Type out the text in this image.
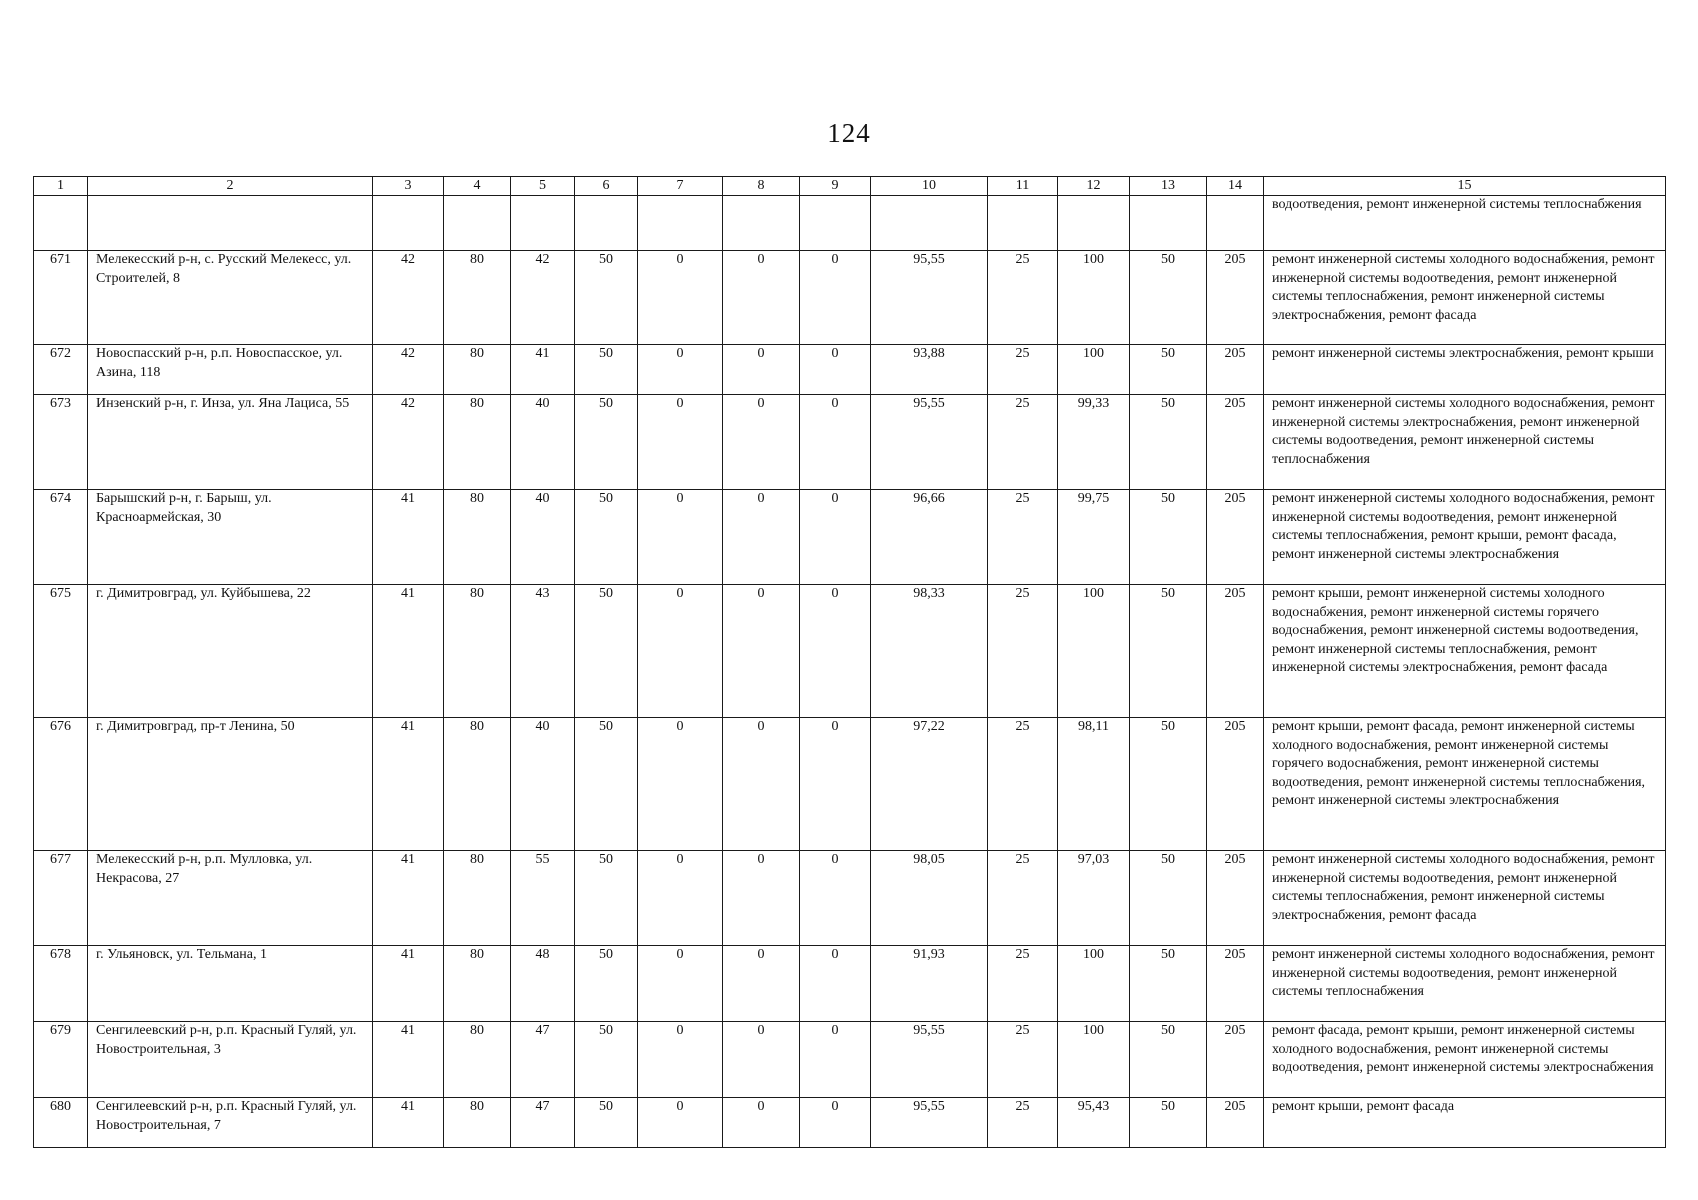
124
1	2	3	4	5	6	7	8	9	10	11	12	13	14	15
														водоотведения, ремонт инженерной системы теплоснабжения
671	Мелекесский р-н, с. Русский Мелекесс, ул. Строителей, 8	42	80	42	50	0	0	0	95,55	25	100	50	205	ремонт инженерной системы холодного водоснабжения, ремонт инженерной системы водоотведения, ремонт инженерной системы теплоснабжения, ремонт инженерной системы электроснабжения, ремонт фасада
672	Новоспасский р-н, р.п. Новоспасское, ул. Азина, 118	42	80	41	50	0	0	0	93,88	25	100	50	205	ремонт инженерной системы электроснабжения, ремонт крыши
673	Инзенский р-н, г. Инза, ул. Яна Лациса, 55	42	80	40	50	0	0	0	95,55	25	99,33	50	205	ремонт инженерной системы холодного водоснабжения, ремонт инженерной системы электроснабжения, ремонт инженерной системы водоотведения, ремонт инженерной системы теплоснабжения
674	Барышский р-н, г. Барыш, ул. Красноармейская, 30	41	80	40	50	0	0	0	96,66	25	99,75	50	205	ремонт инженерной системы холодного водоснабжения, ремонт инженерной системы водоотведения, ремонт инженерной системы теплоснабжения, ремонт крыши, ремонт фасада, ремонт инженерной системы электроснабжения
675	г. Димитровград, ул. Куйбышева, 22	41	80	43	50	0	0	0	98,33	25	100	50	205	ремонт крыши, ремонт инженерной системы холодного водоснабжения, ремонт инженерной системы горячего водоснабжения, ремонт инженерной системы водоотведения, ремонт инженерной системы теплоснабжения, ремонт инженерной системы электроснабжения, ремонт фасада
676	г. Димитровград, пр-т Ленина, 50	41	80	40	50	0	0	0	97,22	25	98,11	50	205	ремонт крыши, ремонт фасада, ремонт инженерной системы холодного водоснабжения, ремонт инженерной системы горячего водоснабжения, ремонт инженерной системы водоотведения, ремонт инженерной системы теплоснабжения, ремонт инженерной системы электроснабжения
677	Мелекесский р-н, р.п. Мулловка, ул. Некрасова, 27	41	80	55	50	0	0	0	98,05	25	97,03	50	205	ремонт инженерной системы холодного водоснабжения, ремонт инженерной системы водоотведения, ремонт инженерной системы теплоснабжения, ремонт инженерной системы электроснабжения, ремонт фасада
678	г. Ульяновск, ул. Тельмана, 1	41	80	48	50	0	0	0	91,93	25	100	50	205	ремонт инженерной системы холодного водоснабжения, ремонт инженерной системы водоотведения, ремонт инженерной системы теплоснабжения
679	Сенгилеевский р-н, р.п. Красный Гуляй, ул. Новостроительная, 3	41	80	47	50	0	0	0	95,55	25	100	50	205	ремонт фасада, ремонт крыши, ремонт инженерной системы холодного водоснабжения, ремонт инженерной системы водоотведения, ремонт инженерной системы электроснабжения
680	Сенгилеевский р-н, р.п. Красный Гуляй, ул. Новостроительная, 7	41	80	47	50	0	0	0	95,55	25	95,43	50	205	ремонт крыши, ремонт фасада
